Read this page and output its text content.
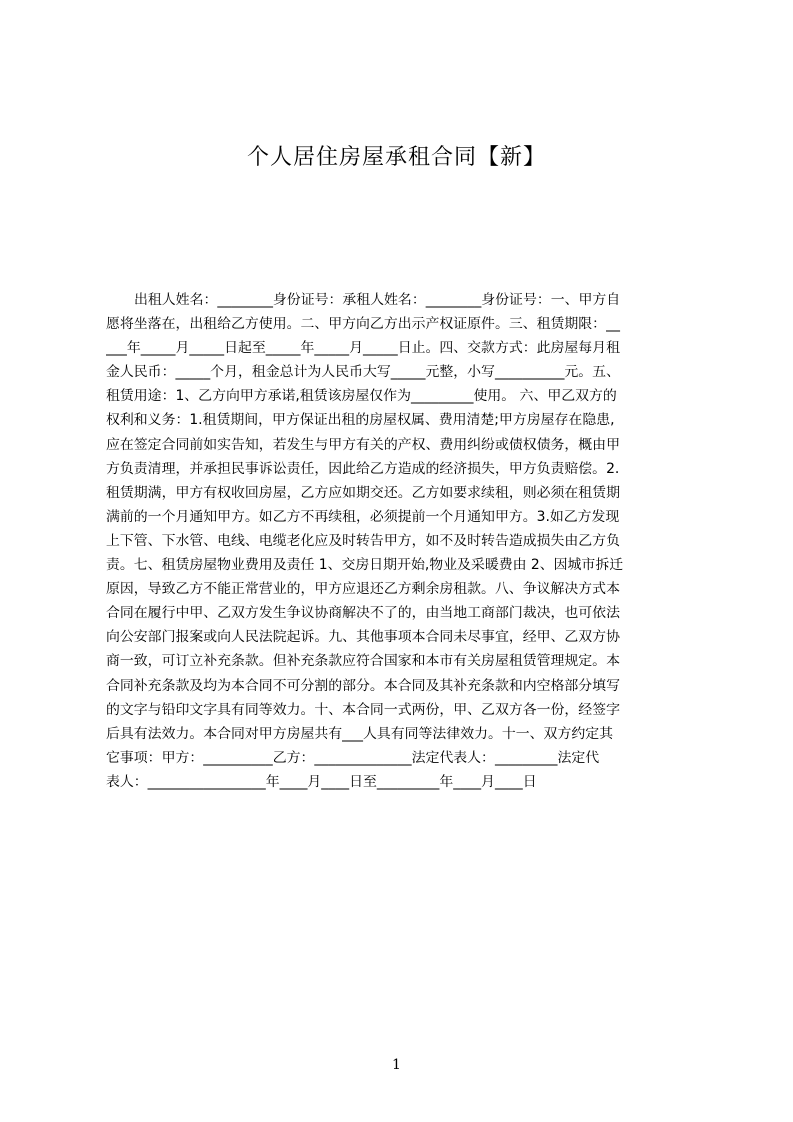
个人居住房屋承租合同【新】
出租人姓名：________身份证号：承租人姓名：________身份证号：一、甲方自
愿将坐落在，出租给乙方使用。二、甲方向乙方出示产权证原件。三、租赁期限：__
___年_____月_____日起至_____年_____月_____日止。四、交款方式：此房屋每月租
金人民币：_____个月，租金总计为人民币大写_____元整，小写__________元。五、
租赁用途：1、乙方向甲方承诺,租赁该房屋仅作为_________使用。 六、甲乙双方的
权利和义务：1.租赁期间，甲方保证出租的房屋权属、费用清楚;甲方房屋存在隐患,
应在签定合同前如实告知，若发生与甲方有关的产权、费用纠纷或债权债务，概由甲
方负责清理，并承担民事诉讼责任，因此给乙方造成的经济损失，甲方负责赔偿。2.
租赁期满，甲方有权收回房屋，乙方应如期交还。乙方如要求续租，则必须在租赁期
满前的一个月通知甲方。如乙方不再续租，必须提前一个月通知甲方。3.如乙方发现
上下管、下水管、电线、电缆老化应及时转告甲方，如不及时转告造成损失由乙方负
责。七、租赁房屋物业费用及责任 1、交房日期开始,物业及采暖费由 2、因城市拆迁
原因，导致乙方不能正常营业的，甲方应退还乙方剩余房租款。八、争议解决方式本
合同在履行中甲、乙双方发生争议协商解决不了的，由当地工商部门裁决，也可依法
向公安部门报案或向人民法院起诉。九、其他事项本合同未尽事宜，经甲、乙双方协
商一致，可订立补充条款。但补充条款应符合国家和本市有关房屋租赁管理规定。本
合同补充条款及均为本合同不可分割的部分。本合同及其补充条款和内空格部分填写
的文字与铅印文字具有同等效力。十、本合同一式两份，甲、乙双方各一份，经签字
后具有法效力。本合同对甲方房屋共有___人具有同等法律效力。十一、双方约定其
它事项：甲方：__________乙方：______________法定代表人：_________法定代
表人：_________________年____月____日至_________年____月____日
1
